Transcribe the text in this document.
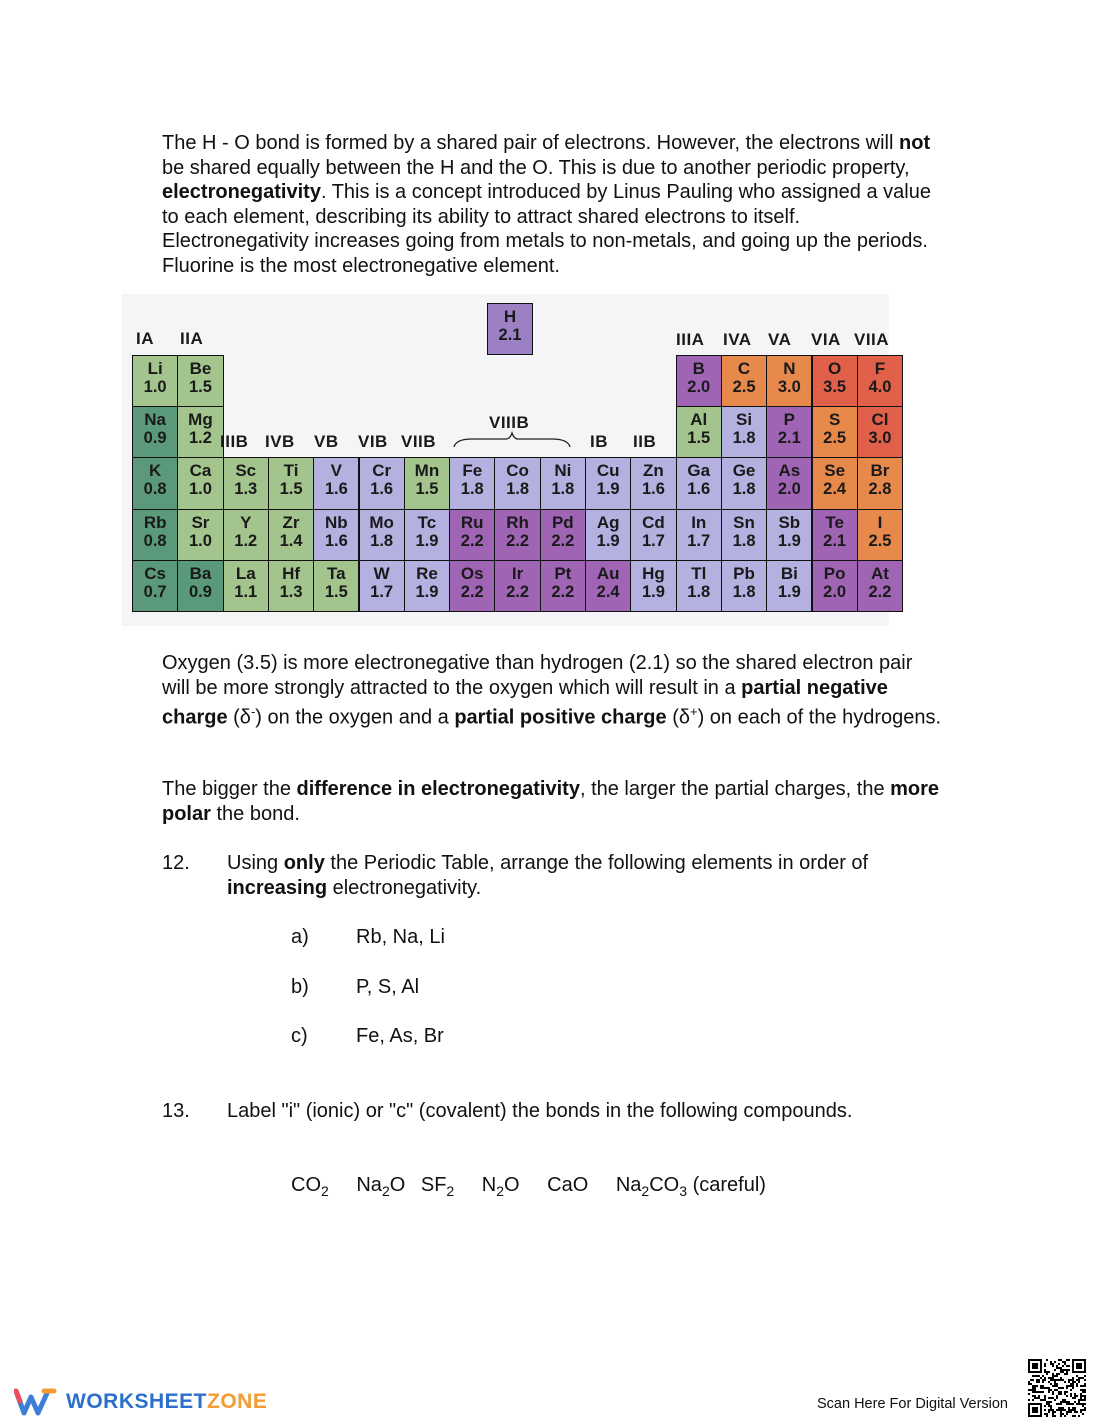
The H - O bond is formed by a shared pair of electrons. However, the electrons will not be shared equally between the H and the O. This is due to another periodic property, electronegativity. This is a concept introduced by Linus Pauling who assigned a value to each element, describing its ability to attract shared electrons to itself. Electronegativity increases going from metals to non-metals, and going up the periods. Fluorine is the most electronegative element.
Li
1.0
Be
1.5
B
2.0
C
2.5
N
3.0
O
3.5
F
4.0
Na
0.9
Mg
1.2
Al
1.5
Si
1.8
P
2.1
S
2.5
Cl
3.0
K
0.8
Ca
1.0
Sc
1.3
Ti
1.5
V
1.6
Cr
1.6
Mn
1.5
Fe
1.8
Co
1.8
Ni
1.8
Cu
1.9
Zn
1.6
Ga
1.6
Ge
1.8
As
2.0
Se
2.4
Br
2.8
Rb
0.8
Sr
1.0
Y
1.2
Zr
1.4
Nb
1.6
Mo
1.8
Tc
1.9
Ru
2.2
Rh
2.2
Pd
2.2
Ag
1.9
Cd
1.7
In
1.7
Sn
1.8
Sb
1.9
Te
2.1
I
2.5
Cs
0.7
Ba
0.9
La
1.1
Hf
1.3
Ta
1.5
W
1.7
Re
1.9
Os
2.2
Ir
2.2
Pt
2.2
Au
2.4
Hg
1.9
Tl
1.8
Pb
1.8
Bi
1.9
Po
2.0
At
2.2
H
2.1
IA IIA
IIIB IVB VB VIB VIIB
VIIIB
IB IIB
IIIA IVA VA VIA VIIA
Oxygen (3.5) is more electronegative than hydrogen (2.1) so the shared electron pair will be more strongly attracted to the oxygen which will result in a partial negative charge (δ-) on the oxygen and a partial positive charge (δ+) on each of the hydrogens.
The bigger the difference in electronegativity, the larger the partial charges, the more polar the bond.
12. Using only the Periodic Table, arrange the following elements in order of increasing electronegativity.
a) Rb, Na, Li
b) P, S, Al
c) Fe, As, Br
13. Label "i" (ionic) or "c" (covalent) the bonds in the following compounds.
$CO_2$ $Na_2O$ $SF_2$ $N_2O$ CaO $Na_2CO_3$ (careful)
WORKSHEETZONE	Scan Here For Digital Version
